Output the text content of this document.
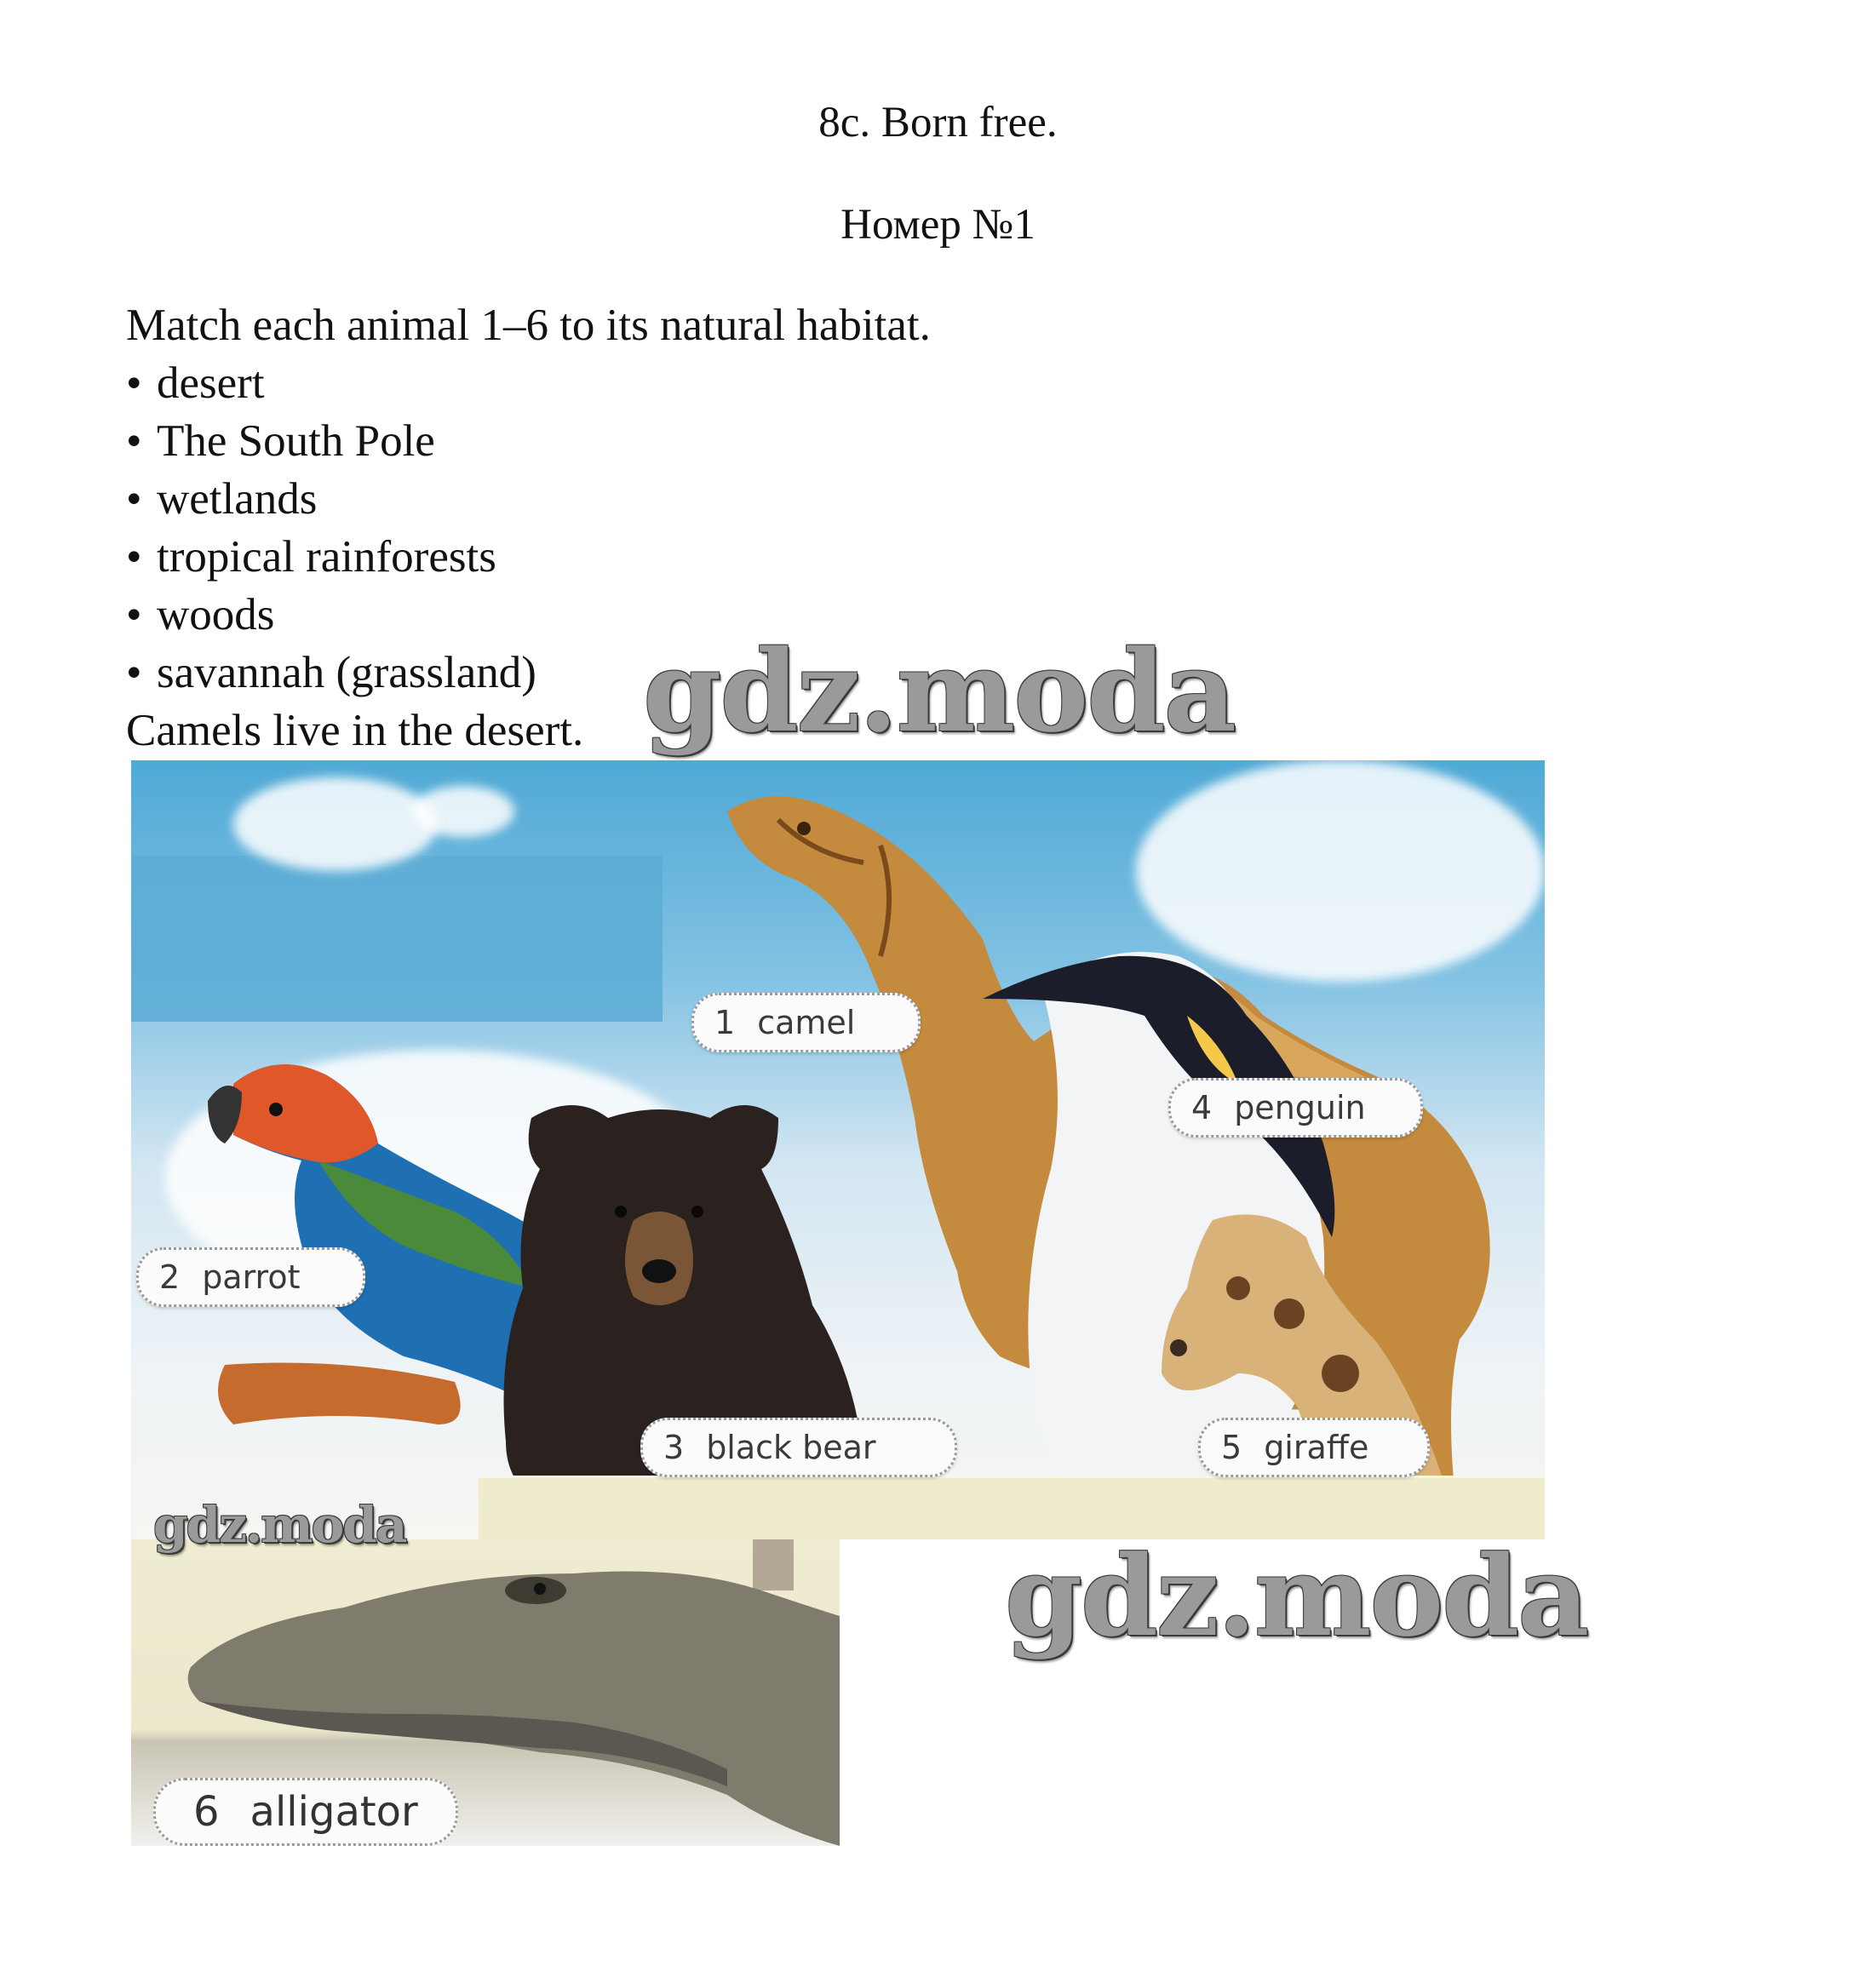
8c. Born free.
Номер №1
Match each animal 1–6 to its natural habitat.
• desert
• The South Pole
• wetlands
• tropical rainforests
• woods
• savannah (grassland)
Camels live in the desert.
1 camel
2 parrot
3 black bear
4 penguin
5 giraffe
6 alligator
gdz.moda
gdz.moda
gdz.moda
